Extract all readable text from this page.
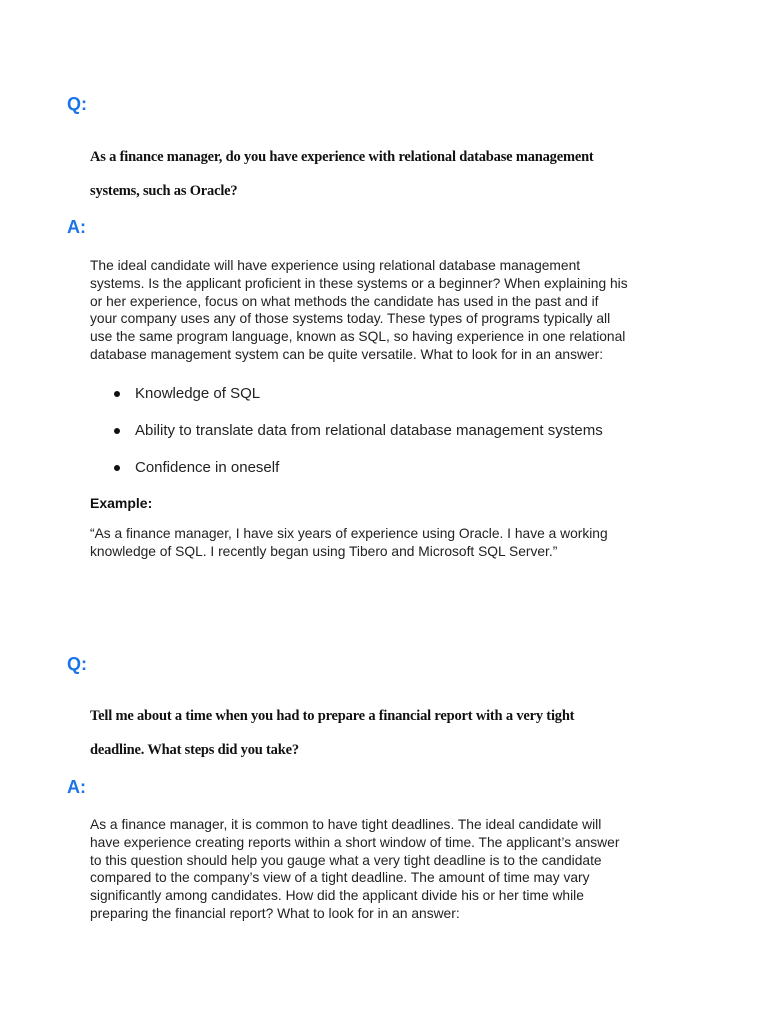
Q:

As a finance manager, do you have experience with relational database management
systems, such as Oracle?

A:

The ideal candidate will have experience using relational database management
systems. Is the applicant proficient in these systems or a beginner? When explaining his
or her experience, focus on what methods the candidate has used in the past and if
your company uses any of those systems today. These types of programs typically all
use the same program language, known as SQL, so having experience in one relational
database management system can be quite versatile. What to look for in an answer:
Knowledge of SQL
Ability to translate data from relational database management systems
Confidence in oneself

Example:

“As a finance manager, I have six years of experience using Oracle. I have a working
knowledge of SQL. I recently began using Tibero and Microsoft SQL Server.”

Q:

Tell me about a time when you had to prepare a financial report with a very tight
deadline. What steps did you take?

A:

As a finance manager, it is common to have tight deadlines. The ideal candidate will
have experience creating reports within a short window of time. The applicant’s answer
to this question should help you gauge what a very tight deadline is to the candidate
compared to the company’s view of a tight deadline. The amount of time may vary
significantly among candidates. How did the applicant divide his or her time while
preparing the financial report? What to look for in an answer:
